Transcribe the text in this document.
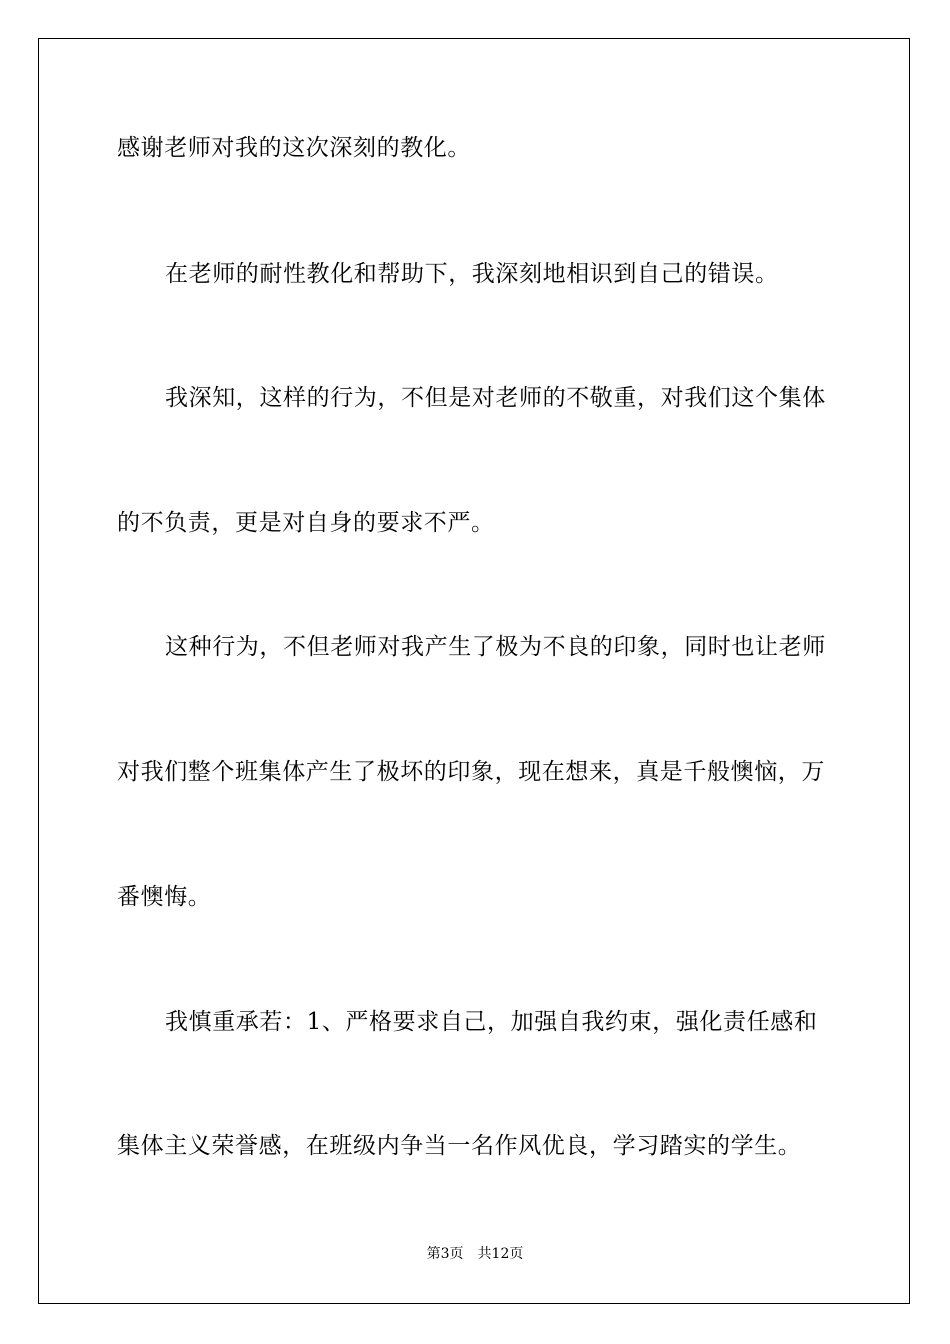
感谢老师对我的这次深刻的教化。
在老师的耐性教化和帮助下，我深刻地相识到自己的错误。
我深知，这样的行为，不但是对老师的不敬重，对我们这个集体
的不负责，更是对自身的要求不严。
这种行为，不但老师对我产生了极为不良的印象，同时也让老师
对我们整个班集体产生了极坏的印象，现在想来，真是千般懊恼，万
番懊悔。
我慎重承若：1、严格要求自己，加强自我约束，强化责任感和
集体主义荣誉感，在班级内争当一名作风优良，学习踏实的学生。
第3页 共12页
